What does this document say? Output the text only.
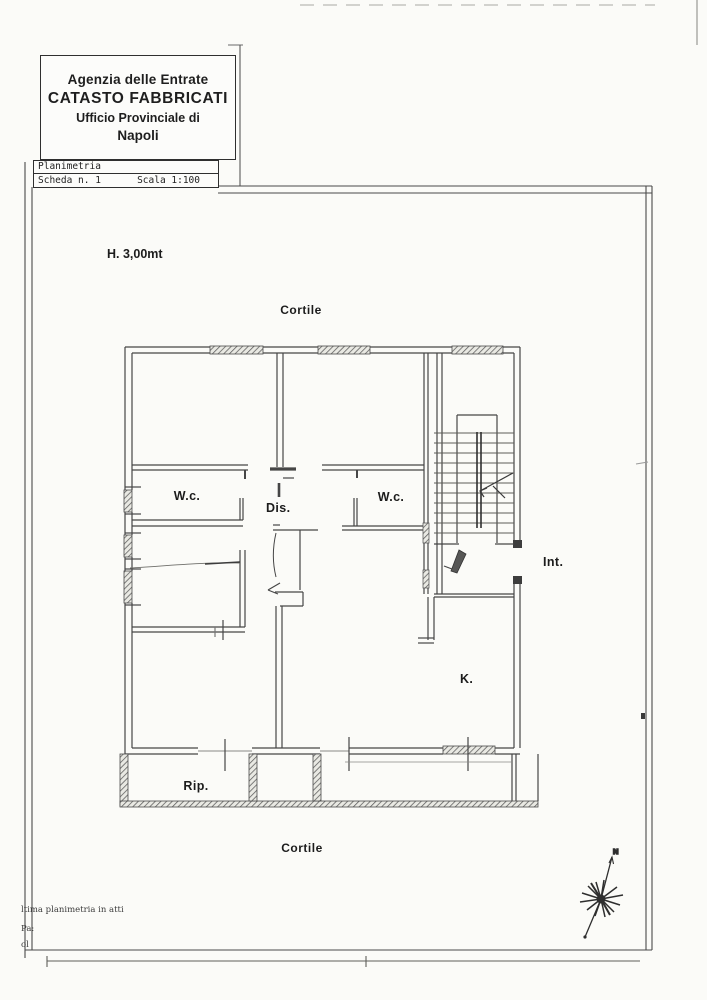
Agenzia delle Entrate
CATASTO FABBRICATI
Ufficio Provinciale di
Napoli
Planimetria
Scheda n. 1	Scala 1:100
ltima planimetria in atti
Pa:
ol
H. 3,00mt
Cortile
Cortile
W.c.
Dis.
W.c.
Int.
K.
Rip.
N
